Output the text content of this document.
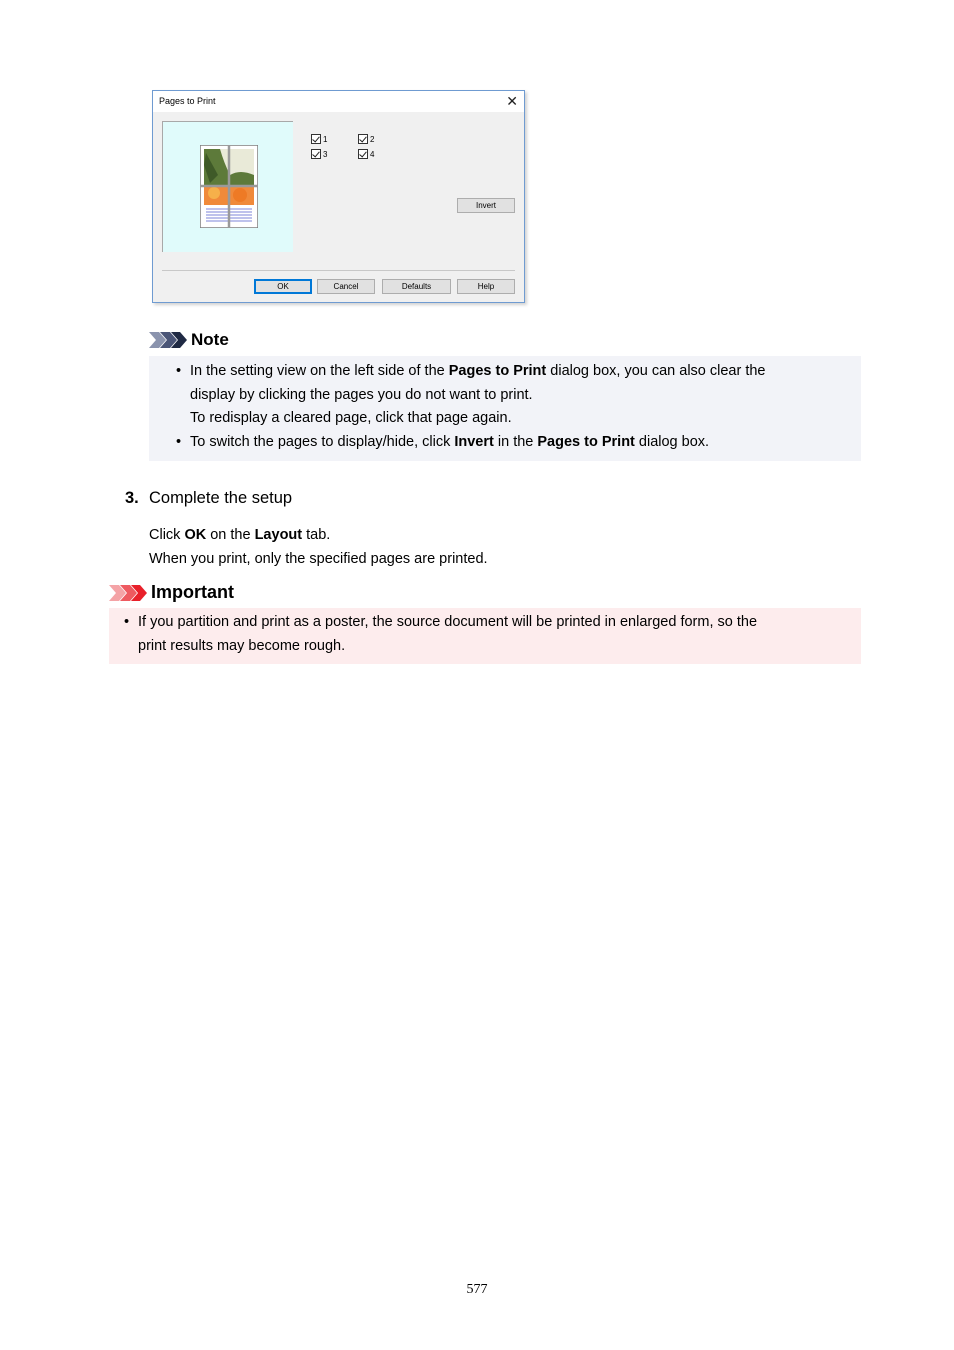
Pages to Print	✕
1	2
3	4
Invert
OK	Cancel	Defaults	Help
Note
• In the setting view on the left side of the Pages to Print dialog box, you can also clear the
display by clicking the pages you do not want to print.
To redisplay a cleared page, click that page again.
• To switch the pages to display/hide, click Invert in the Pages to Print dialog box.
3. Complete the setup
Click OK on the Layout tab.
When you print, only the specified pages are printed.
Important
• If you partition and print as a poster, the source document will be printed in enlarged form, so the
print results may become rough.
577
